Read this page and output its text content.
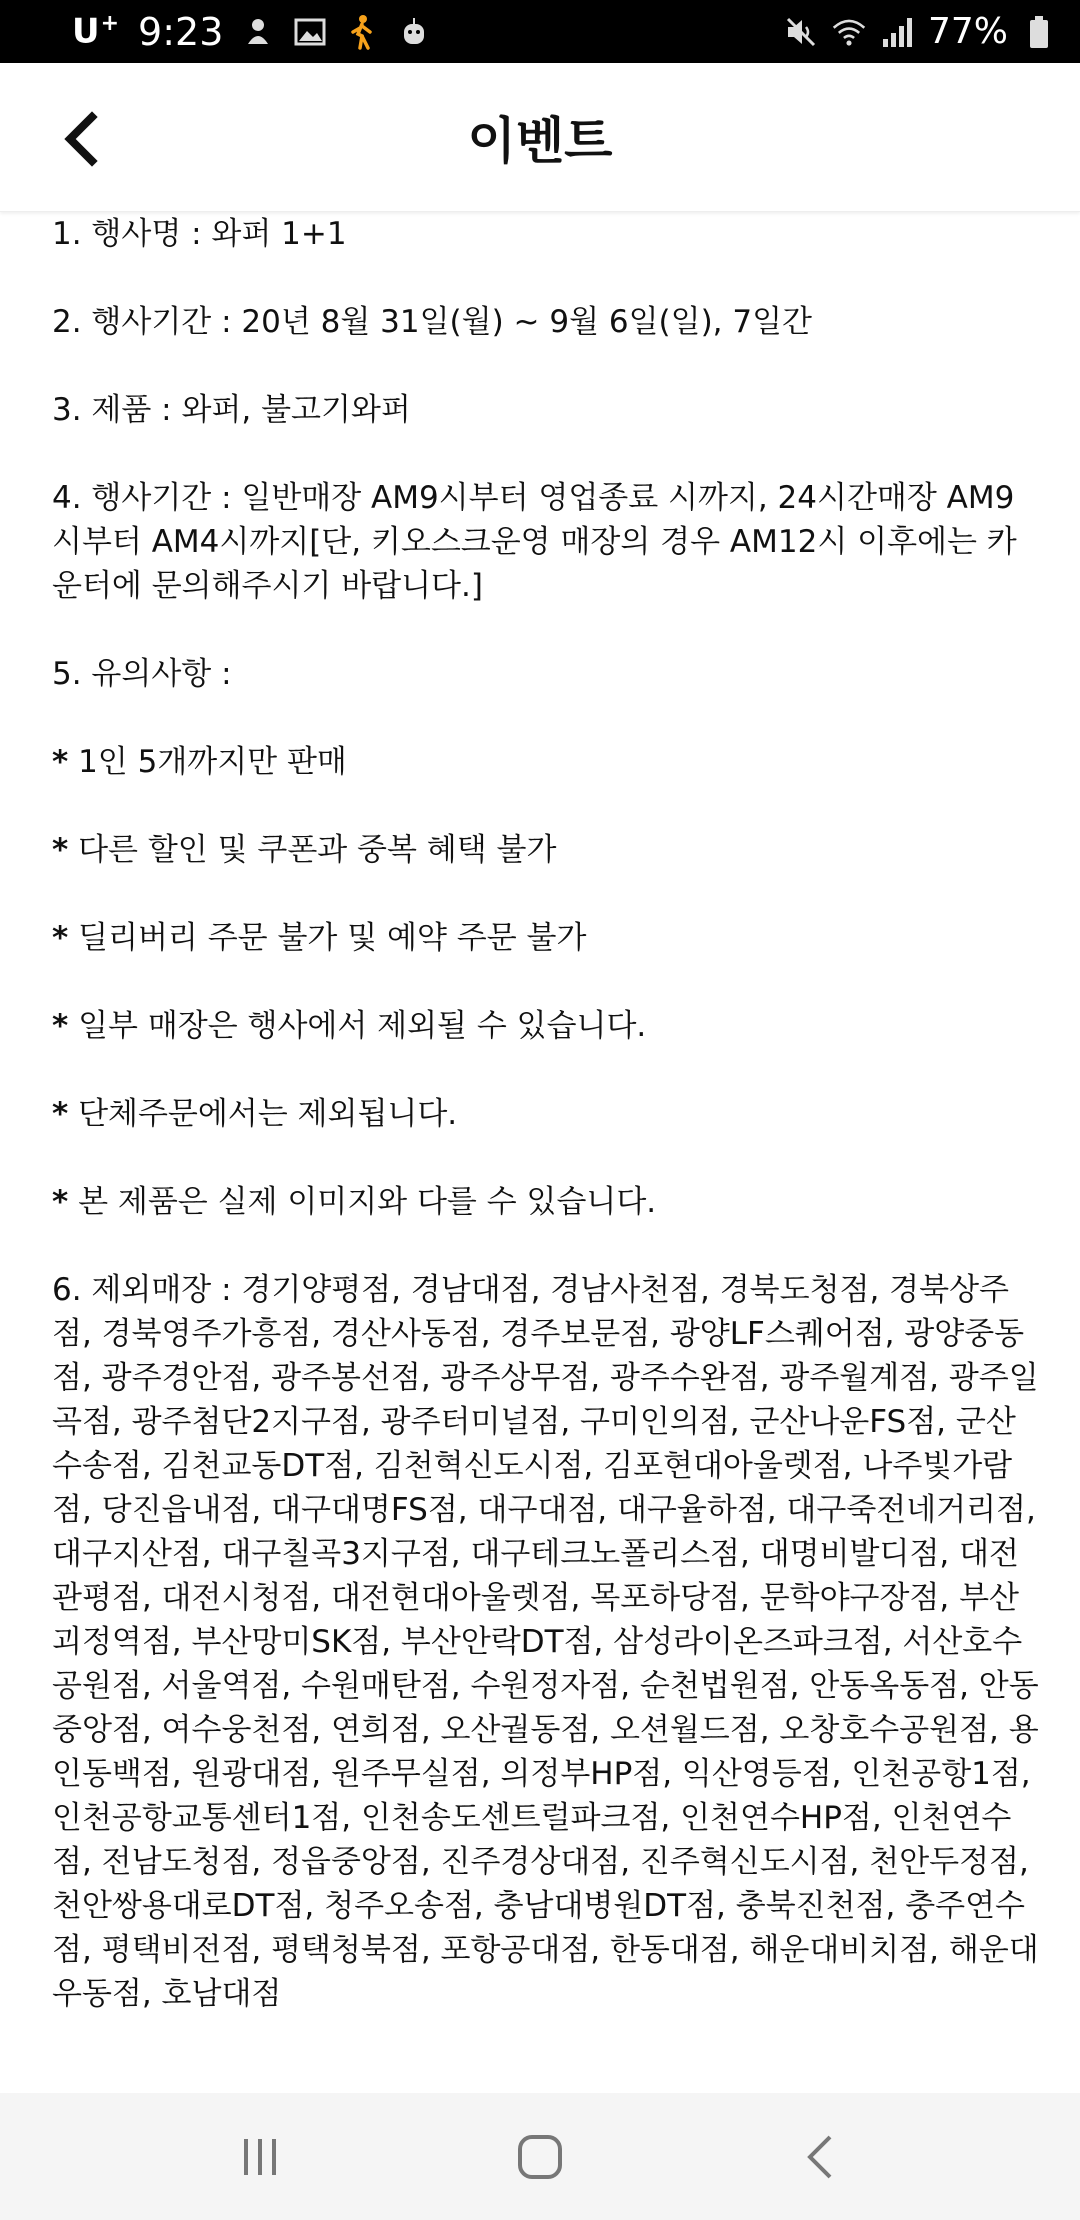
U+ 9:23	77%
이벤트

1. 행사명 : 와퍼 1+1

2. 행사기간 : 20년 8월 31일(월) ~ 9월 6일(일), 7일간

3. 제품 : 와퍼, 불고기와퍼

4. 행사기간 : 일반매장 AM9시부터 영업종료 시까지, 24시간매장 AM9시부터 AM4시까지[단, 키오스크운영 매장의 경우 AM12시 이후에는 카운터에 문의해주시기 바랍니다.]

5. 유의사항 :

* 1인 5개까지만 판매

* 다른 할인 및 쿠폰과 중복 혜택 불가

* 딜리버리 주문 불가 및 예약 주문 불가

* 일부 매장은 행사에서 제외될 수 있습니다.

* 단체주문에서는 제외됩니다.

* 본 제품은 실제 이미지와 다를 수 있습니다.

6. 제외매장 : 경기양평점, 경남대점, 경남사천점, 경북도청점, 경북상주점, 경북영주가흥점, 경산사동점, 경주보문점, 광양LF스퀘어점, 광양중동점, 광주경안점, 광주봉선점, 광주상무점, 광주수완점, 광주월계점, 광주일곡점, 광주첨단2지구점, 광주터미널점, 구미인의점, 군산나운FS점, 군산수송점, 김천교동DT점, 김천혁신도시점, 김포현대아울렛점, 나주빛가람점, 당진읍내점, 대구대명FS점, 대구대점, 대구율하점, 대구죽전네거리점, 대구지산점, 대구칠곡3지구점, 대구테크노폴리스점, 대명비발디점, 대전관평점, 대전시청점, 대전현대아울렛점, 목포하당점, 문학야구장점, 부산괴정역점, 부산망미SK점, 부산안락DT점, 삼성라이온즈파크점, 서산호수공원점, 서울역점, 수원매탄점, 수원정자점, 순천법원점, 안동옥동점, 안동중앙점, 여수웅천점, 연희점, 오산궐동점, 오션월드점, 오창호수공원점, 용인동백점, 원광대점, 원주무실점, 의정부HP점, 익산영등점, 인천공항1점, 인천공항교통센터1점, 인천송도센트럴파크점, 인천연수HP점, 인천연수점, 전남도청점, 정읍중앙점, 진주경상대점, 진주혁신도시점, 천안두정점, 천안쌍용대로DT점, 청주오송점, 충남대병원DT점, 충북진천점, 충주연수점, 평택비전점, 평택청북점, 포항공대점, 한동대점, 해운대비치점, 해운대우동점, 호남대점
